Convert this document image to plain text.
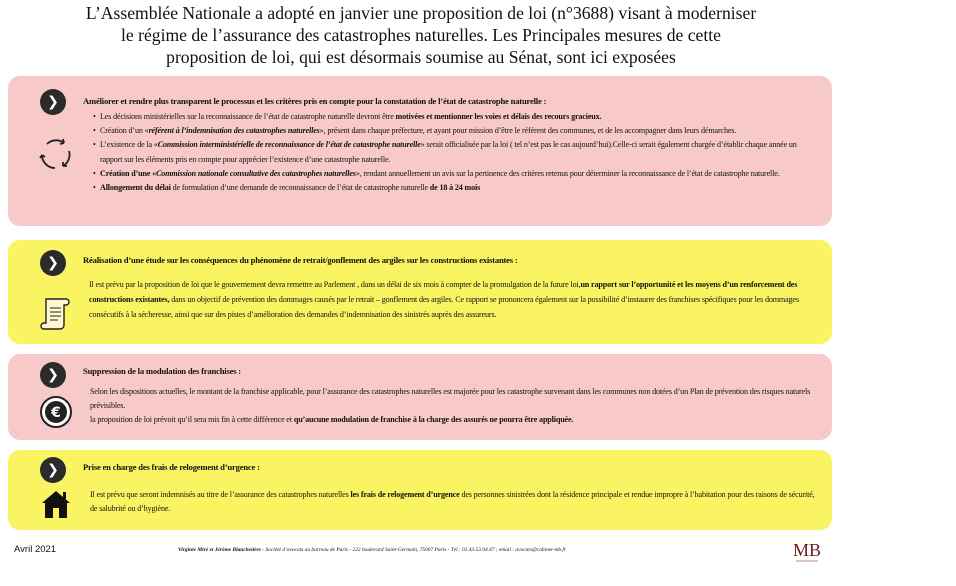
L’Assemblée Nationale a adopté en janvier une proposition de loi (n°3688) visant à moderniser
le régime de l’assurance des catastrophes naturelles. Les Principales mesures de cette
proposition de loi, qui est désormais soumise au Sénat, sont ici exposées
❯	Améliorer et rendre plus transparent le processus et les critères pris en compte pour la constatation de l’état de catastrophe naturelle :
• Les décisions ministérielles sur la reconnaissance de l’état de catastrophe naturelle devront être motivées et mentionner les voies et délais des recours gracieux.
• Création d’un «référent à l’indemnisation des catastrophes naturelles», présent dans chaque préfecture, et ayant pour mission d’être le référent des communes, et de les accompagner dans leurs démarches.
• L’existence de la «Commission interministérielle de reconnaissance de l’état de catastrophe naturelle» serait officialisée par la loi ( tel n’est pas le cas aujourd’hui).Celle-ci serait également chargée d’établir chaque année un rapport sur les éléments pris en compte pour apprécier l’existence d’une catastrophe naturelle.
• Création d’une «Commission nationale consultative des catastrophes naturelles», rendant annuellement un avis sur la pertinence des critères retenus pour déterminer la reconnaissance de l’état de catastrophe naturelle.
• Allongement du délai de formulation d’une demande de reconnaissance de l’état de catastrophe naturelle de 18 à 24 mois
❯	Réalisation d’une étude sur les conséquences du phénomène de retrait/gonflement des argiles sur les constructions existantes :

Il est prévu par la proposition de loi que le gouvernement devra remettre au Parlement , dans un délai de six mois à compter de la promulgation de la future loi,un rapport sur l’opportunité et les moyens d’un renforcement des constructions existantes, dans un objectif de prévention des dommages causés par le retrait – gonflement des argiles. Ce rapport se prononcera également sur la possibilité d’instaurer des franchises spécifiques pour les dommages consécutifs à la sécheresse, ainsi que sur des pistes d’amélioration des demandes d’indemnisation des sinistrés auprès des assureurs.

❯	Suppression de la modulation des franchises :
€

Selon les dispositions actuelles, le montant de la franchise applicable, pour l’assurance des catastrophes naturelles est majorée pour les catastrophe survenant dans les communes non dotées d’un Plan de prévention des risques naturels prévisibles.

la proposition de loi prévoit qu’il sera mis fin à cette différence et qu’aucune modulation de franchise à la charge des assurés ne pourra être appliquée.

❯	Prise en charge des frais de relogement d’urgence :

Il est prévu que seront indemnisés au titre de l’assurance des catastrophes naturelles les frais de relogement d’urgence des personnes sinistrées dont la résidence principale et rendue impropre à l’habitation pour des raisons de sécurité, de salubrité ou d’hygiène.

Avril 2021	Virginie Miré et Jérôme Blanchetière - Société d’avocats au barreau de Paris - 222 boulevard Saint-Germain, 75007 Paris - Tél : 01.43.53.94.47 ; email : avocats@cabinet-mb.fr	MB
